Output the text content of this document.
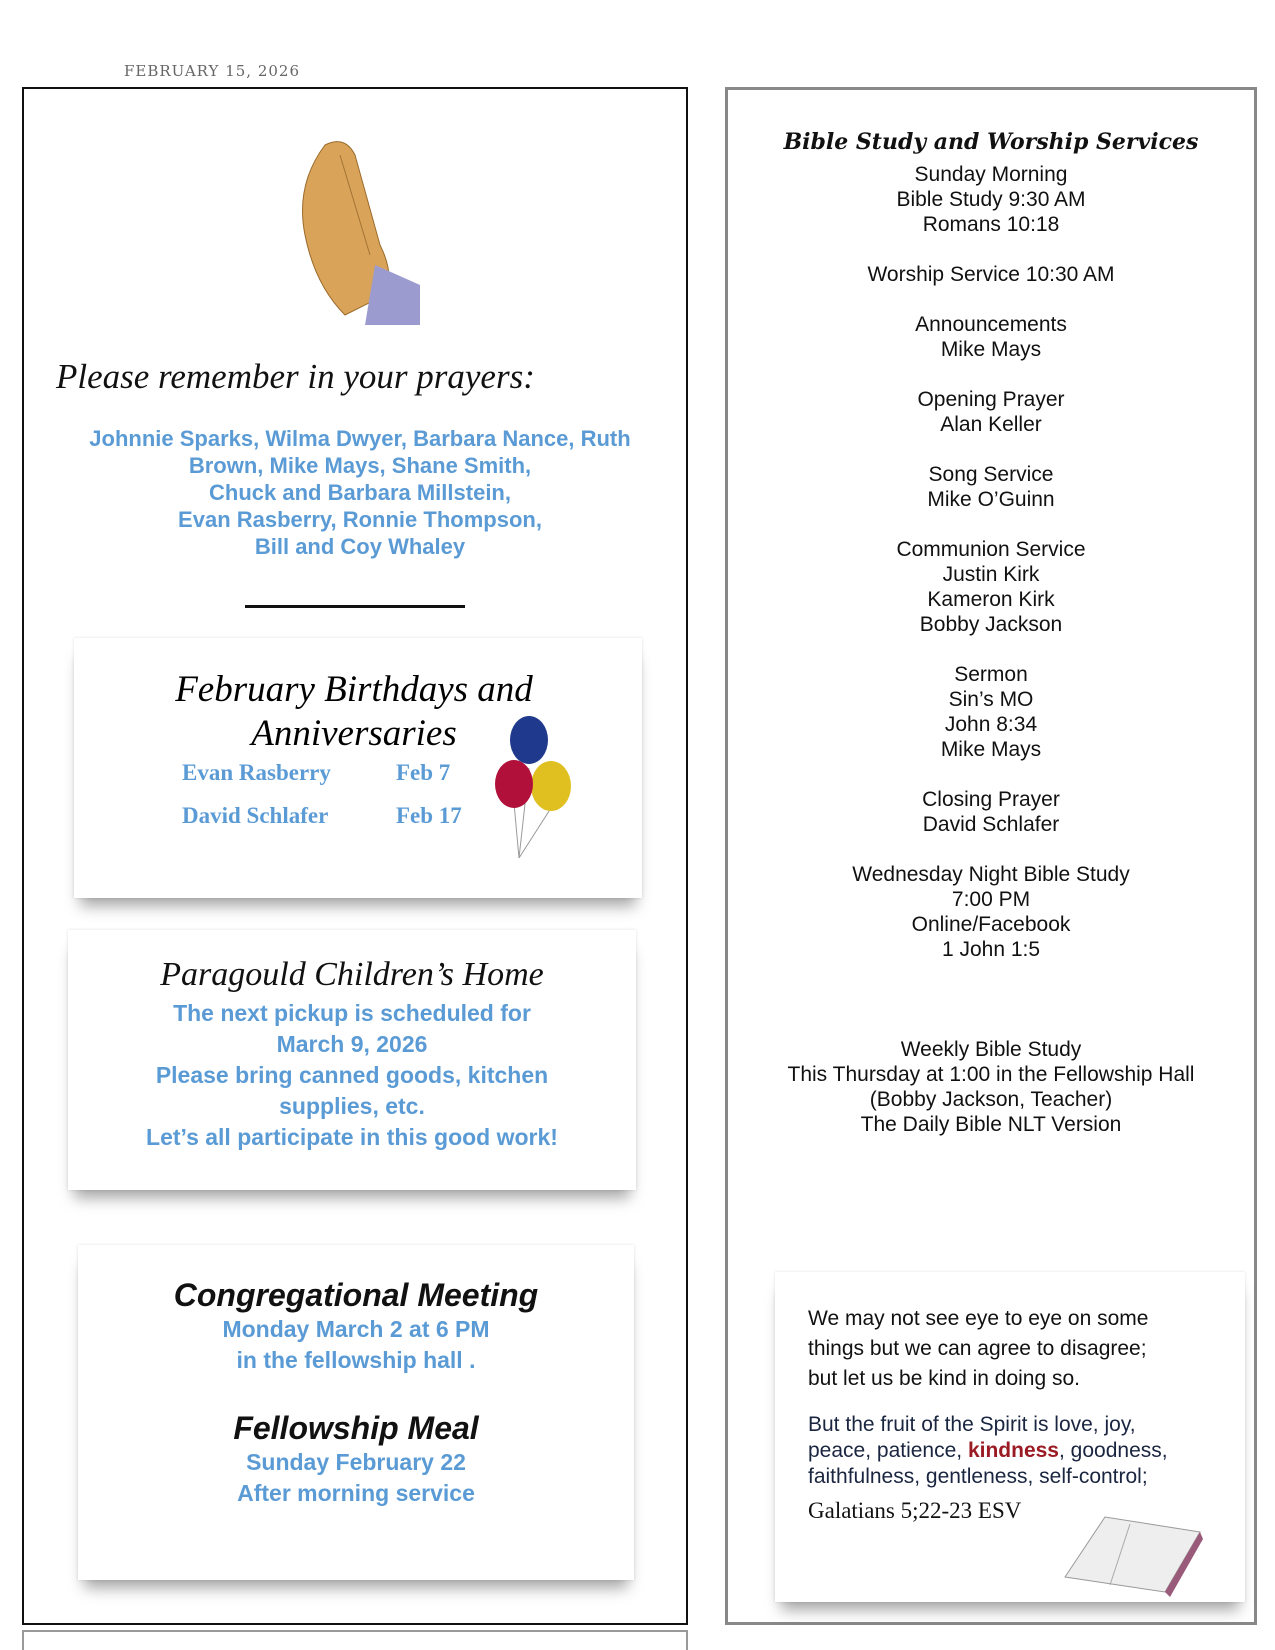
FEBRUARY 15, 2026
Please remember in your prayers:
Johnnie Sparks, Wilma Dwyer, Barbara Nance, Ruth
Brown, Mike Mays, Shane Smith,
Chuck and Barbara Millstein,
Evan Rasberry, Ronnie Thompson,
Bill and Coy Whaley
February Birthdays and Anniversaries
Evan Rasberry	Feb 7
David Schlafer	Feb 17
Paragould Children’s Home

The next pickup is scheduled for

March 9, 2026

Please bring canned goods, kitchen

supplies, etc.

Let’s all participate in this good work!

Congregational Meeting

Monday March 2 at 6 PM

in the fellowship hall .

Fellowship Meal

Sunday February 22

After morning service

Bible Study and Worship Services
Sunday Morning
Bible Study 9:30 AM
Romans 10:18
Worship Service 10:30 AM
Announcements
Mike Mays
Opening Prayer
Alan Keller
Song Service
Mike O’Guinn
Communion Service
Justin Kirk
Kameron Kirk
Bobby Jackson
Sermon
Sin’s MO
John 8:34
Mike Mays
Closing Prayer
David Schlafer
Wednesday Night Bible Study
7:00 PM
Online/Facebook
1 John 1:5
Weekly Bible Study
This Thursday at 1:00 in the Fellowship Hall
(Bobby Jackson, Teacher)
The Daily Bible NLT Version

We may not see eye to eye on some

things but we can agree to disagree;

but let us be kind in doing so.

But the fruit of the Spirit is love, joy,
peace, patience, kindness, goodness,
faithfulness, gentleness, self-control;
Galatians 5;22-23 ESV
